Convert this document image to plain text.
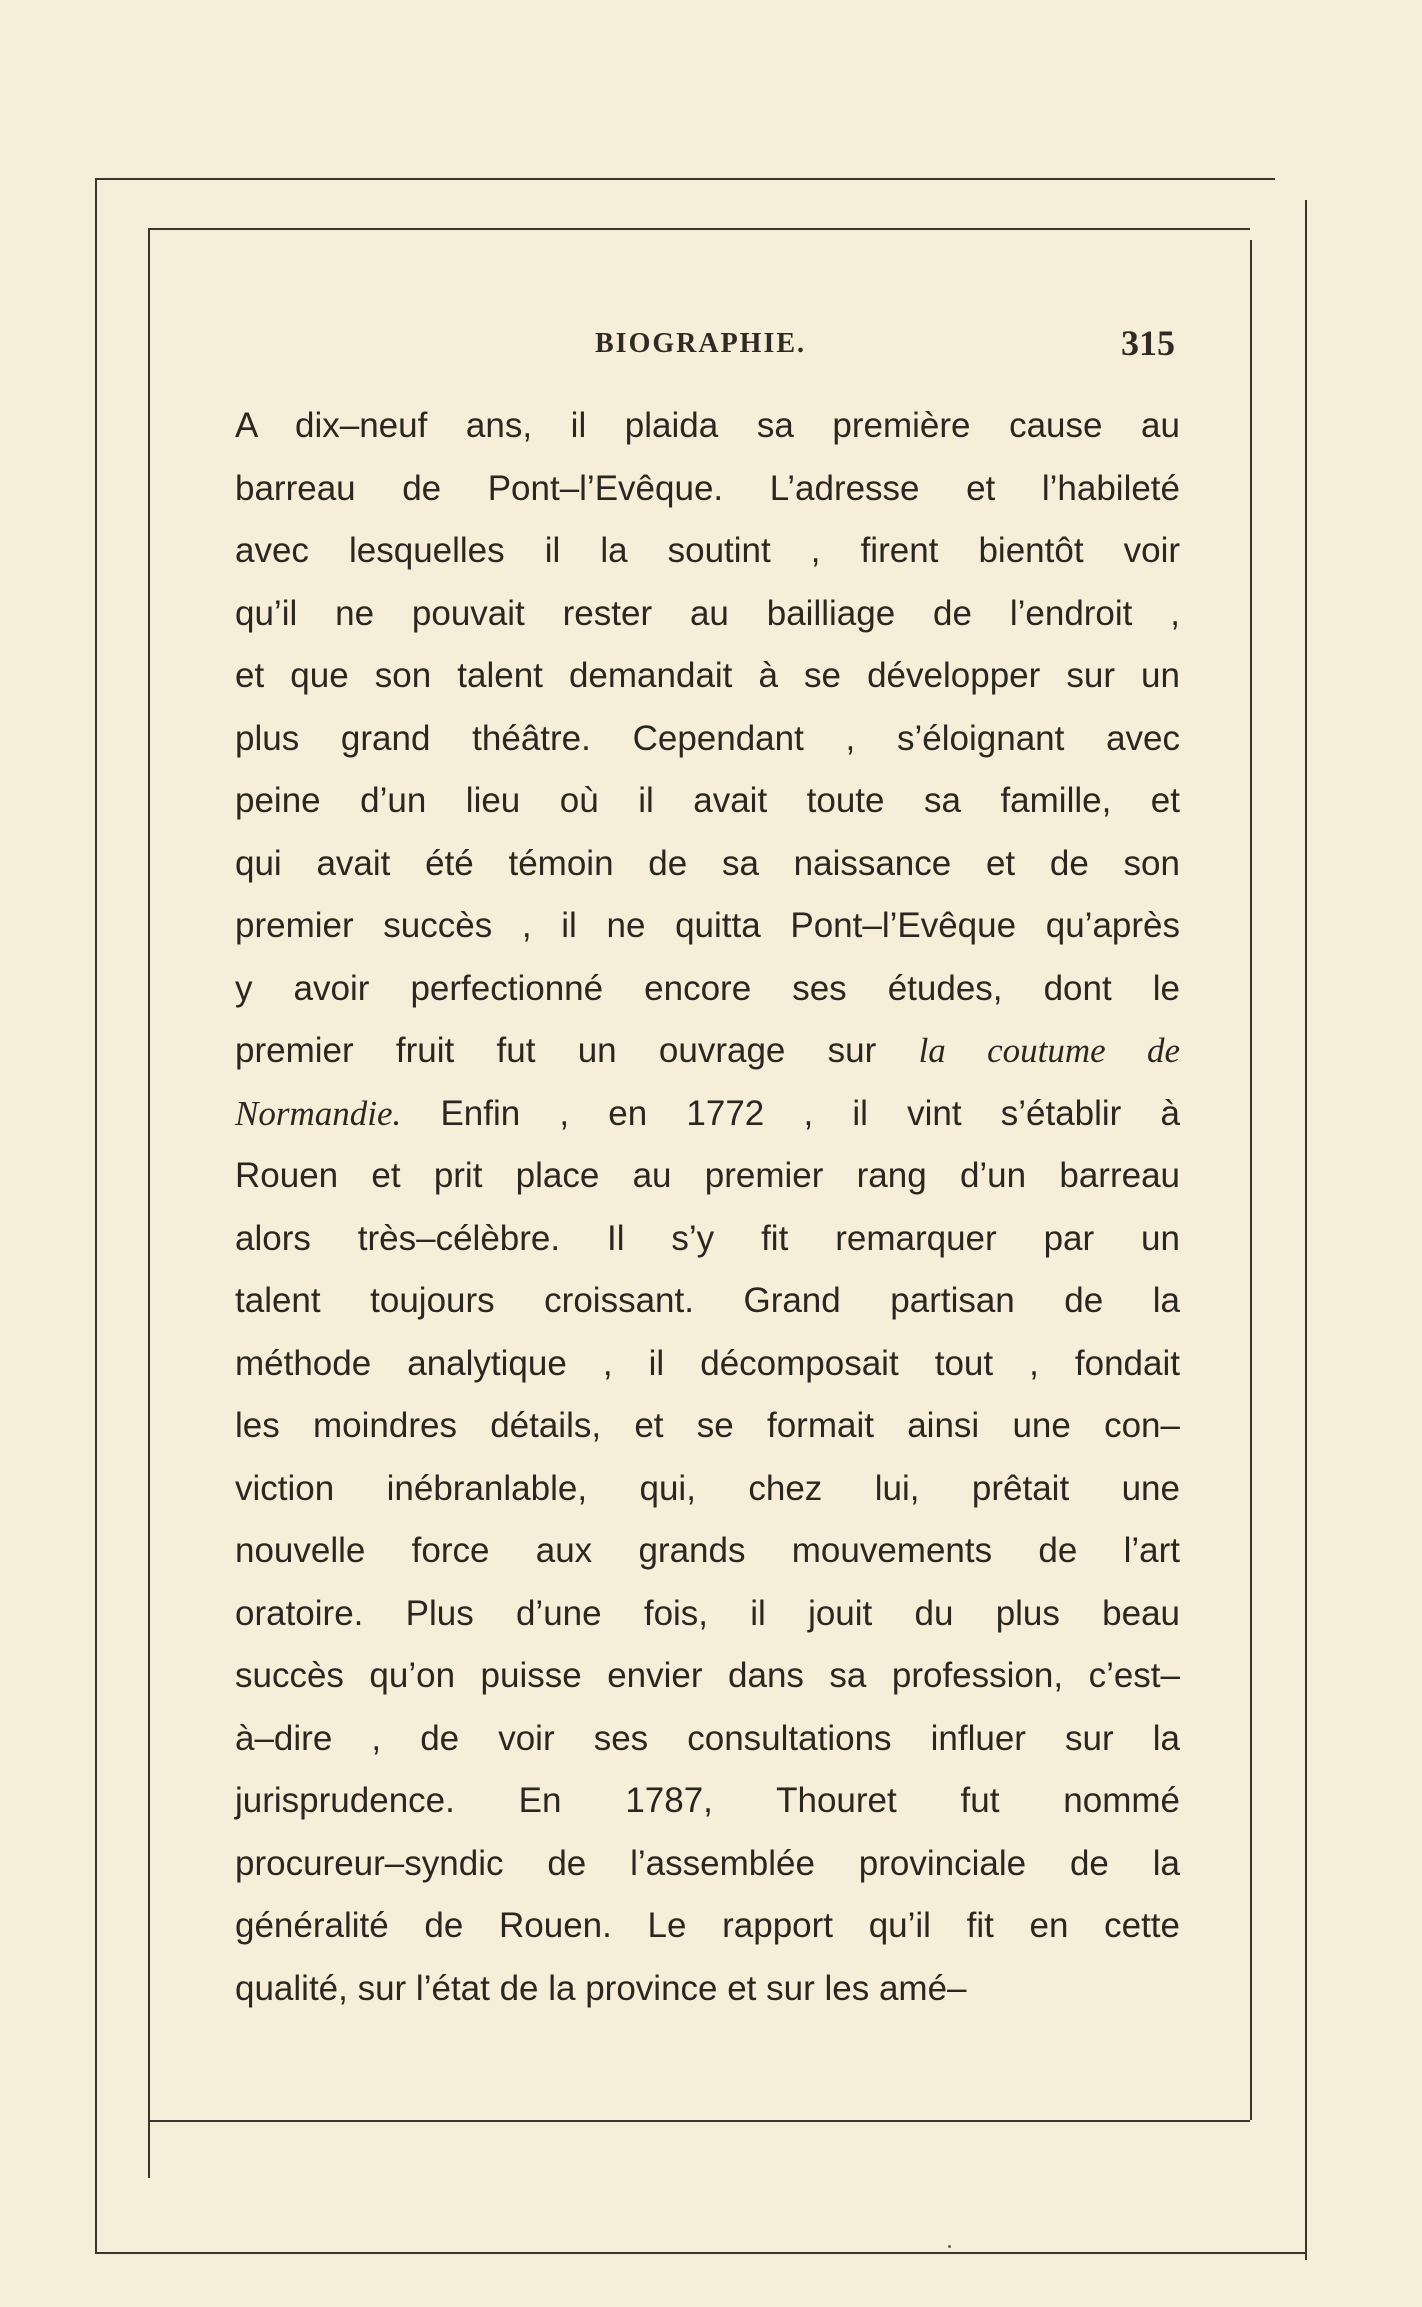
BIOGRAPHIE.	315
A dix–neuf ans, il plaida sa première cause au
barreau de Pont–l’Evêque. L’adresse et l’habileté
avec lesquelles il la soutint , firent bientôt voir
qu’il ne pouvait rester au bailliage de l’endroit ,
et que son talent demandait à se développer sur un
plus grand théâtre. Cependant , s’éloignant avec
peine d’un lieu où il avait toute sa famille, et
qui avait été témoin de sa naissance et de son
premier succès , il ne quitta Pont–l’Evêque qu’après
y avoir perfectionné encore ses études, dont le
premier fruit fut un ouvrage sur la coutume de
Normandie. Enfin , en 1772 , il vint s’établir à
Rouen et prit place au premier rang d’un barreau
alors très–célèbre. Il s’y fit remarquer par un
talent toujours croissant. Grand partisan de la
méthode analytique , il décomposait tout , fondait
les moindres détails, et se formait ainsi une con–
viction inébranlable, qui, chez lui, prêtait une
nouvelle force aux grands mouvements de l’art
oratoire. Plus d’une fois, il jouit du plus beau
succès qu’on puisse envier dans sa profession, c’est–
à–dire , de voir ses consultations influer sur la
jurisprudence. En 1787, Thouret fut nommé
procureur–syndic de l’assemblée provinciale de la
généralité de Rouen. Le rapport qu’il fit en cette
qualité, sur l’état de la province et sur les amé–
